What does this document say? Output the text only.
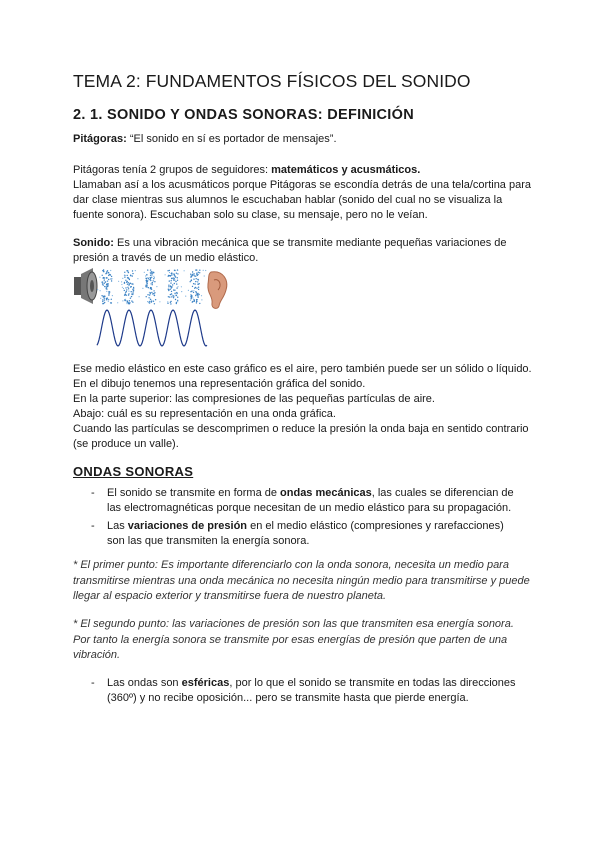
TEMA 2: FUNDAMENTOS FÍSICOS DEL SONIDO
2. 1. SONIDO Y ONDAS SONORAS: DEFINICIÓN

Pitágoras: “El sonido en sí es portador de mensajes”.

Pitágoras tenía 2 grupos de seguidores: matemáticos y acusmáticos.
Llamaban así a los acusmáticos porque Pitágoras se escondía detrás de una tela/cortina para dar clase mientras sus alumnos le escuchaban hablar (sonido del cual no se visualiza la fuente sonora). Escuchaban solo su clase, su mensaje, pero no le veían.

Sonido: Es una vibración mecánica que se transmite mediante pequeñas variaciones de presión a través de un medio elástico.

Ese medio elástico en este caso gráfico es el aire, pero también puede ser un sólido o líquido. En el dibujo tenemos una representación gráfica del sonido.
En la parte superior: las compresiones de las pequeñas partículas de aire.
Abajo: cuál es su representación en una onda gráfica.
Cuando las partículas se descomprimen o reduce la presión la onda baja en sentido contrario (se produce un valle).
ONDAS SONORAS
- El sonido se transmite en forma de ondas mecánicas, las cuales se diferencian de las electromagnéticas porque necesitan de un medio elástico para su propagación.
- Las variaciones de presión en el medio elástico (compresiones y rarefacciones) son las que transmiten la energía sonora.

* El primer punto: Es importante diferenciarlo con la onda sonora, necesita un medio para transmitirse mientras una onda mecánica no necesita ningún medio para transmitirse y puede llegar al espacio exterior y transmitirse fuera de nuestro planeta.

* El segundo punto: las variaciones de presión son las que transmiten esa energía sonora. Por tanto la energía sonora se transmite por esas energías de presión que parten de una vibración.

- Las ondas son esféricas, por lo que el sonido se transmite en todas las direcciones (360º) y no recibe oposición... pero se transmite hasta que pierde energía.
